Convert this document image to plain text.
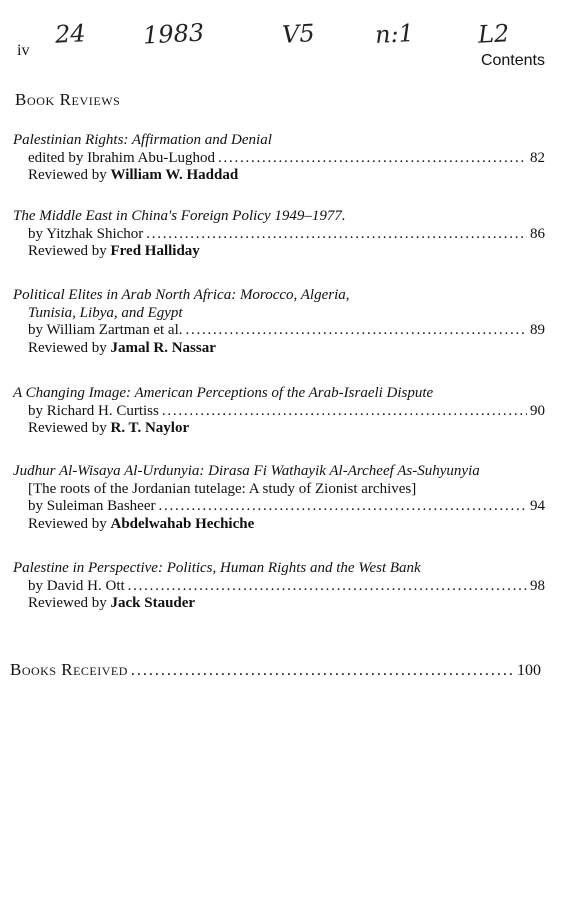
24 1983	V5 n:1	L2
iv
Contents
Book Reviews
Palestinian Rights: Affirmation and Denial
edited by Ibrahim Abu-Lughod . . .	82
Reviewed by William W. Haddad
The Middle East in China's Foreign Policy 1949–1977.
by Yitzhak Shichor . . .	86
Reviewed by Fred Halliday
Political Elites in Arab North Africa: Morocco, Algeria,
Tunisia, Libya, and Egypt
by William Zartman et al. . . .	89
Reviewed by Jamal R. Nassar
A Changing Image: American Perceptions of the Arab-Israeli Dispute
by Richard H. Curtiss . . .	90
Reviewed by R. T. Naylor
Judhur Al-Wisaya Al-Urdunyia: Dirasa Fi Wathayik Al-Archeef As-Suhyunyia
[The roots of the Jordanian tutelage: A study of Zionist archives]
by Suleiman Basheer . . .	94
Reviewed by Abdelwahab Hechiche
Palestine in Perspective: Politics, Human Rights and the West Bank
by David H. Ott . . .	98
Reviewed by Jack Stauder
Books Received . . .	100
